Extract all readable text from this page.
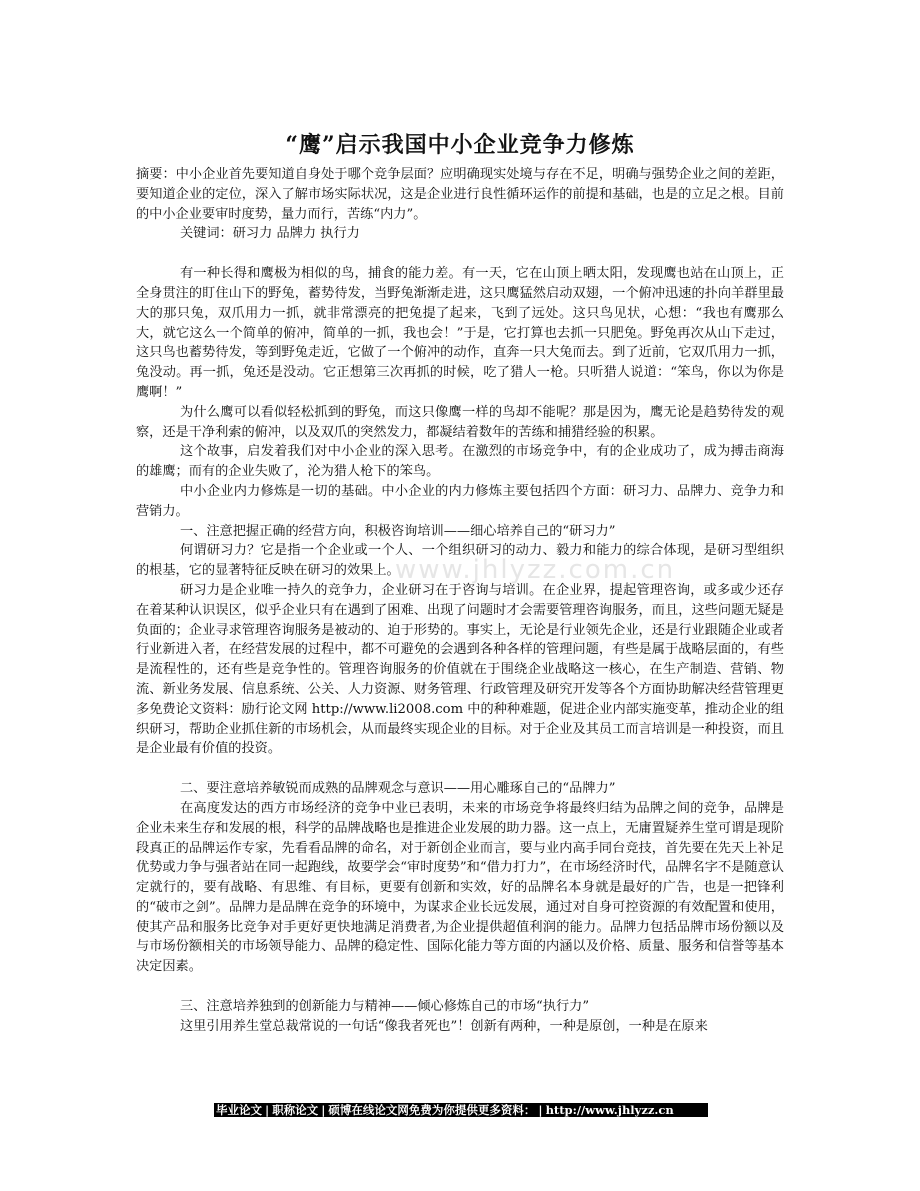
www.jhlyzz.com.cn
“鹰”启示我国中小企业竞争力修炼

摘要：中小企业首先要知道自身处于哪个竞争层面？应明确现实处境与存在不足，明确与强势企业之间的差距，要知道企业的定位，深入了解市场实际状况，这是企业进行良性循环运作的前提和基础，也是的立足之根。目前的中小企业要审时度势，量力而行，苦练“内力”。

关键词：研习力 品牌力 执行力

有一种长得和鹰极为相似的鸟，捕食的能力差。有一天，它在山顶上晒太阳，发现鹰也站在山顶上，正全身贯注的盯住山下的野兔，蓄势待发，当野兔渐渐走进，这只鹰猛然启动双翅，一个俯冲迅速的扑向羊群里最大的那只兔，双爪用力一抓，就非常漂亮的把兔提了起来，飞到了远处。这只鸟见状，心想：“我也有鹰那么大，就它这么一个简单的俯冲，简单的一抓，我也会！”于是，它打算也去抓一只肥兔。野兔再次从山下走过，这只鸟也蓄势待发，等到野兔走近，它做了一个俯冲的动作，直奔一只大兔而去。到了近前，它双爪用力一抓，兔没动。再一抓，兔还是没动。它正想第三次再抓的时候，吃了猎人一枪。只听猎人说道：“笨鸟，你以为你是鹰啊！”

为什么鹰可以看似轻松抓到的野兔，而这只像鹰一样的鸟却不能呢？那是因为，鹰无论是趋势待发的观察，还是干净利索的俯冲，以及双爪的突然发力，都凝结着数年的苦练和捕猎经验的积累。

这个故事，启发着我们对中小企业的深入思考。在激烈的市场竞争中，有的企业成功了，成为搏击商海的雄鹰；而有的企业失败了，沦为猎人枪下的笨鸟。

中小企业内力修炼是一切的基础。中小企业的内力修炼主要包括四个方面：研习力、品牌力、竞争力和营销力。

一、注意把握正确的经营方向，积极咨询培训——细心培养自己的“研习力”

何谓研习力？它是指一个企业或一个人、一个组织研习的动力、毅力和能力的综合体现，是研习型组织的根基，它的显著特征反映在研习的效果上。

研习力是企业唯一持久的竞争力，企业研习在于咨询与培训。在企业界，提起管理咨询，或多或少还存在着某种认识误区，似乎企业只有在遇到了困难、出现了问题时才会需要管理咨询服务，而且，这些问题无疑是负面的；企业寻求管理咨询服务是被动的、迫于形势的。事实上，无论是行业领先企业，还是行业跟随企业或者行业新进入者，在经营发展的过程中，都不可避免的会遇到各种各样的管理问题，有些是属于战略层面的，有些是流程性的，还有些是竞争性的。管理咨询服务的价值就在于围绕企业战略这一核心，在生产制造、营销、物流、新业务发展、信息系统、公关、人力资源、财务管理、行政管理及研究开发等各个方面协助解决经营管理更多免费论文资料：励行论文网 http://www.li2008.com 中的种种难题，促进企业内部实施变革，推动企业的组织研习，帮助企业抓住新的市场机会，从而最终实现企业的目标。对于企业及其员工而言培训是一种投资，而且是企业最有价值的投资。

二、要注意培养敏锐而成熟的品牌观念与意识——用心雕琢自己的“品牌力”

在高度发达的西方市场经济的竞争中业已表明，未来的市场竞争将最终归结为品牌之间的竞争，品牌是企业未来生存和发展的根，科学的品牌战略也是推进企业发展的助力器。这一点上，无庸置疑养生堂可谓是现阶段真正的品牌运作专家，先看看品牌的命名，对于新创企业而言，要与业内高手同台竞技，首先要在先天上补足优势或力争与强者站在同一起跑线，故要学会“审时度势”和“借力打力”，在市场经济时代，品牌名字不是随意认定就行的，要有战略、有思维、有目标，更要有创新和实效，好的品牌名本身就是最好的广告，也是一把锋利的“破市之剑”。品牌力是品牌在竞争的环境中，为谋求企业长远发展，通过对自身可控资源的有效配置和使用，使其产品和服务比竞争对手更好更快地满足消费者,为企业提供超值利润的能力。品牌力包括品牌市场份额以及与市场份额相关的市场领导能力、品牌的稳定性、国际化能力等方面的内涵以及价格、质量、服务和信誉等基本决定因素。

三、注意培养独到的创新能力与精神——倾心修炼自己的市场“执行力”

这里引用养生堂总裁常说的一句话“像我者死也”！创新有两种，一种是原创，一种是在原来

毕业论文 | 职称论文 | 硕博在线论文网免费为你提供更多资料： | http://www.jhlyzz.cn
